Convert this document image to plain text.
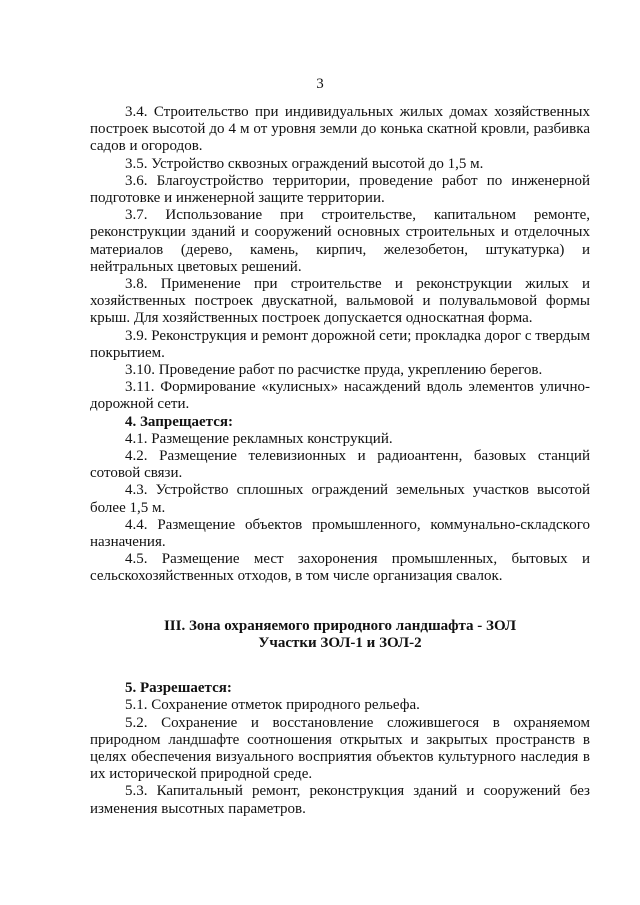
3

3.4. Строительство при индивидуальных жилых домах хозяйственных построек высотой до 4 м от уровня земли до конька скатной кровли, разбивка садов и огородов.

3.5. Устройство сквозных ограждений высотой до 1,5 м.

3.6. Благоустройство территории, проведение работ по инженерной подготовке и инженерной защите территории.

3.7. Использование при строительстве, капитальном ремонте, реконструкции зданий и сооружений основных строительных и отделочных материалов (дерево, камень, кирпич, железобетон, штукатурка) и нейтральных цветовых решений.

3.8. Применение при строительстве и реконструкции жилых и хозяйственных построек двускатной, вальмовой и полувальмовой формы крыш. Для хозяйственных построек допускается односкатная форма.

3.9. Реконструкция и ремонт дорожной сети; прокладка дорог с твердым покрытием.

3.10. Проведение работ по расчистке пруда, укреплению берегов.

3.11. Формирование «кулисных» насаждений вдоль элементов улично-дорожной сети.

4. Запрещается:

4.1. Размещение рекламных конструкций.

4.2. Размещение телевизионных и радиоантенн, базовых станций сотовой связи.

4.3. Устройство сплошных ограждений земельных участков высотой более 1,5 м.

4.4. Размещение объектов промышленного, коммунально-складского назначения.

4.5. Размещение мест захоронения промышленных, бытовых и сельскохозяйственных отходов, в том числе организация свалок.

III. Зона охраняемого природного ландшафта - ЗОЛ

Участки ЗОЛ-1 и ЗОЛ-2

5. Разрешается:

5.1. Сохранение отметок природного рельефа.

5.2. Сохранение и восстановление сложившегося в охраняемом природном ландшафте соотношения открытых и закрытых пространств в целях обеспечения визуального восприятия объектов культурного наследия в их исторической природной среде.

5.3. Капитальный ремонт, реконструкция зданий и сооружений без изменения высотных параметров.
